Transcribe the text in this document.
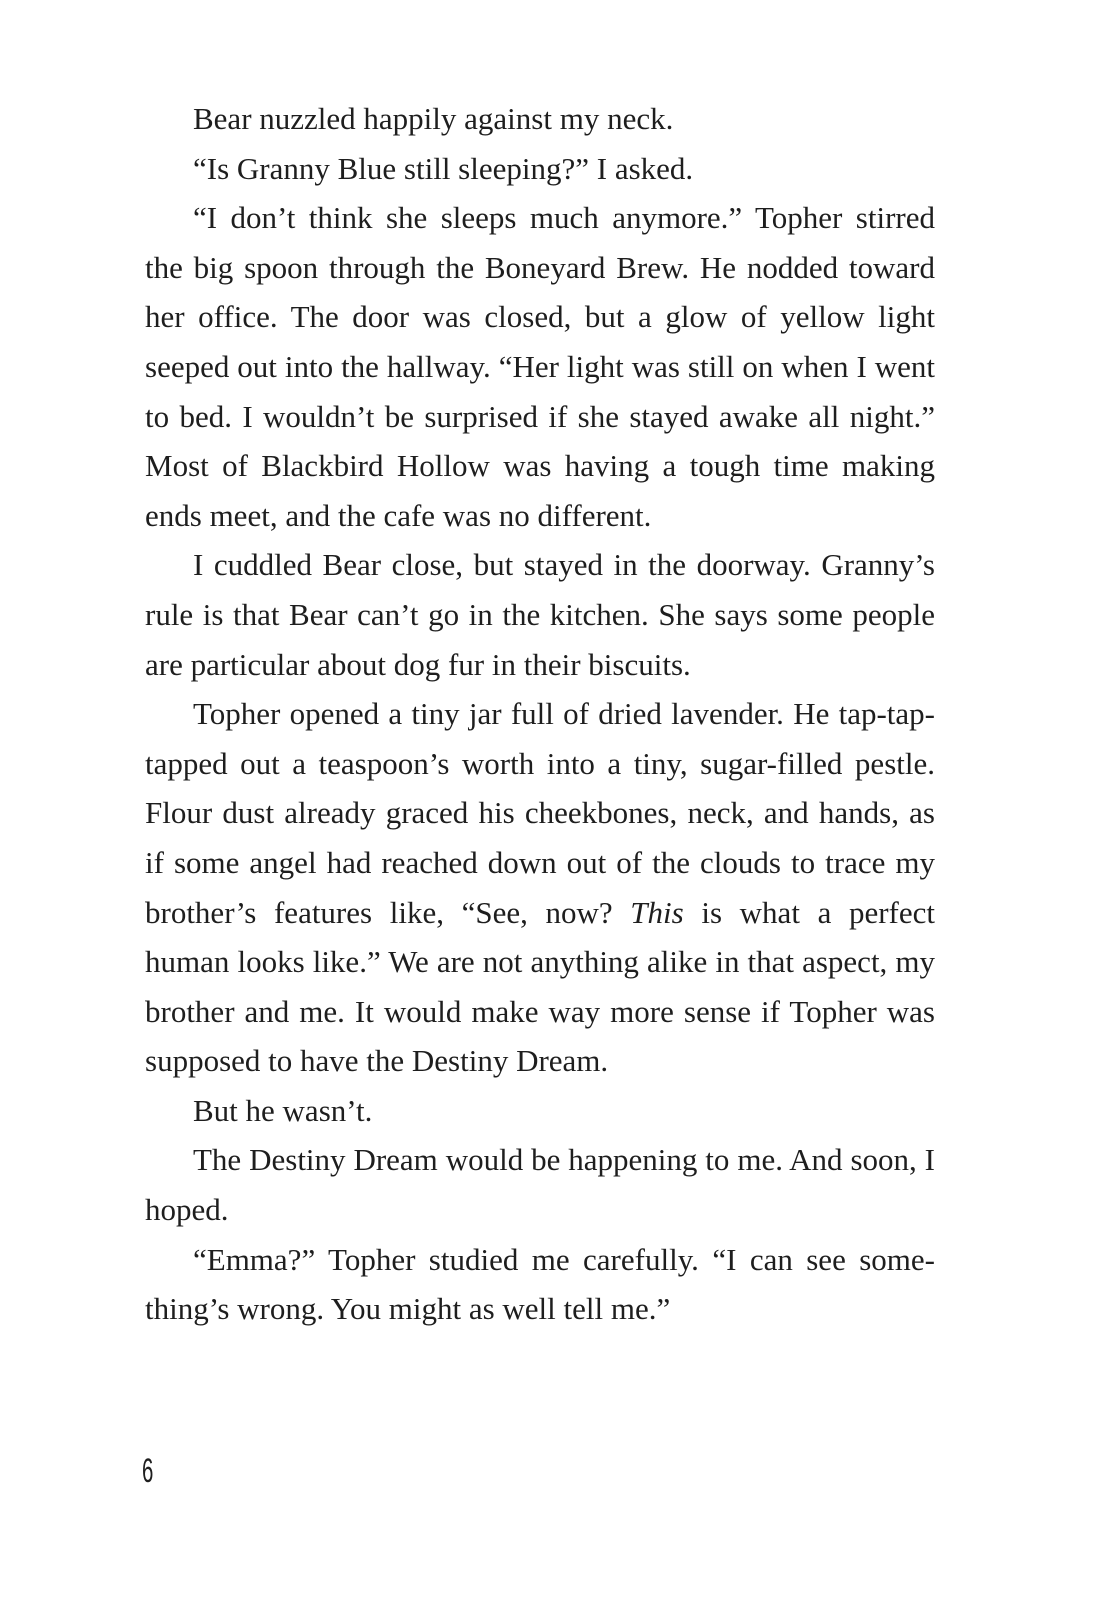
Bear nuzzled happily against my neck.

“Is Granny Blue still sleeping?” I asked.

“I don’t think she sleeps much anymore.” Topher stirred the big spoon through the Boneyard Brew. He nodded toward her office. The door was closed, but a glow of yellow light seeped out into the hallway. “Her light was still on when I went to bed. I wouldn’t be surprised if she stayed awake all night.” Most of Blackbird Hollow was having a tough time making ends meet, and the cafe was no different.

I cuddled Bear close, but stayed in the doorway. Granny’s rule is that Bear can’t go in the kitchen. She says some people are particular about dog fur in their biscuits.

Topher opened a tiny jar full of dried lavender. He tap-tap-tapped out a teaspoon’s worth into a tiny, sugar-filled pestle. Flour dust already graced his cheekbones, neck, and hands, as if some angel had reached down out of the clouds to trace my brother’s features like, “See, now? This is what a perfect human looks like.” We are not anything alike in that aspect, my brother and me. It would make way more sense if Topher was supposed to have the Destiny Dream.

But he wasn’t.

The Destiny Dream would be happening to me. And soon, I hoped.

“Emma?” Topher studied me carefully. “I can see something’s wrong. You might as well tell me.”

6
